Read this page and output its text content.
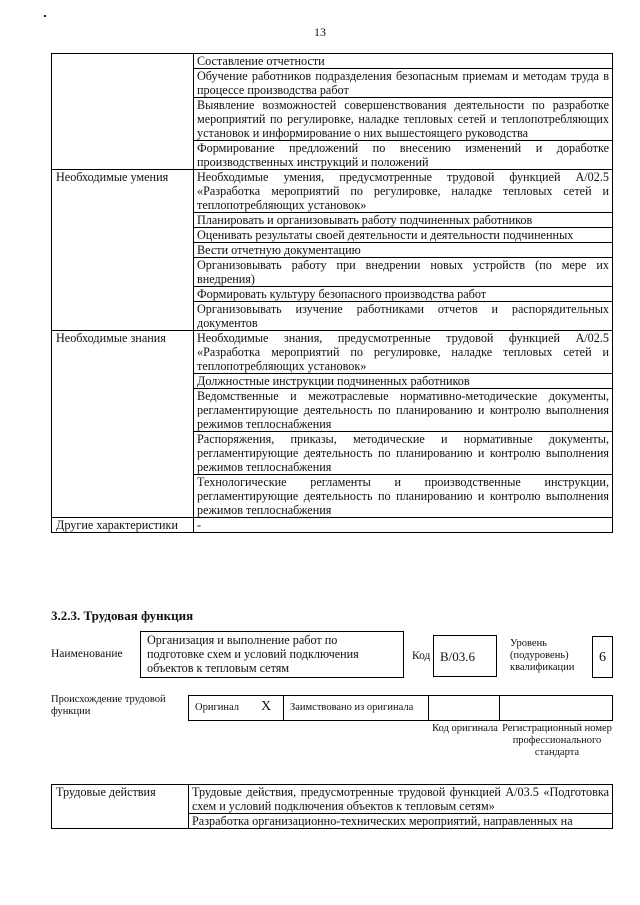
13
	Составление отчетности
	Обучение работников подразделения безопасным приемам и методам труда в процессе производства работ
	Выявление возможностей совершенствования деятельности по разработке мероприятий по регулировке, наладке тепловых сетей и теплопотребляющих установок и информирование о них вышестоящего руководства
	Формирование предложений по внесению изменений и доработке производственных инструкций и положений
Необходимые умения	Необходимые умения, предусмотренные трудовой функцией А/02.5 «Разработка мероприятий по регулировке, наладке тепловых сетей и теплопотребляющих установок»
	Планировать и организовывать работу подчиненных работников
	Оценивать результаты своей деятельности и деятельности подчиненных
	Вести отчетную документацию
	Организовывать работу при внедрении новых устройств (по мере их внедрения)
	Формировать культуру безопасного производства работ
	Организовывать изучение работниками отчетов и распорядительных документов
Необходимые знания	Необходимые знания, предусмотренные трудовой функцией А/02.5 «Разработка мероприятий по регулировке, наладке тепловых сетей и теплопотребляющих установок»
	Должностные инструкции подчиненных работников
	Ведомственные и межотраслевые нормативно-методические документы, регламентирующие деятельность по планированию и контролю выполнения режимов теплоснабжения
	Распоряжения, приказы, методические и нормативные документы, регламентирующие деятельность по планированию и контролю выполнения режимов теплоснабжения
	Технологические регламенты и производственные инструкции, регламентирующие деятельность по планированию и контролю выполнения режимов теплоснабжения
Другие характеристики	-
3.2.3. Трудовая функция
Наименование
Организация и выполнение работ по подготовке схем и условий подключения объектов к тепловым сетям
Код В/03.6
Уровень (подуровень) квалификации
6
Происхождение трудовой функции	Оригинал Х Заимствовано из оригинала
Код оригинала Регистрационный номер профессионального стандарта
Трудовые действия	Трудовые действия, предусмотренные трудовой функцией А/03.5 «Подготовка схем и условий подключения объектов к тепловым сетям»
Разработка организационно-технических мероприятий, направленных на
